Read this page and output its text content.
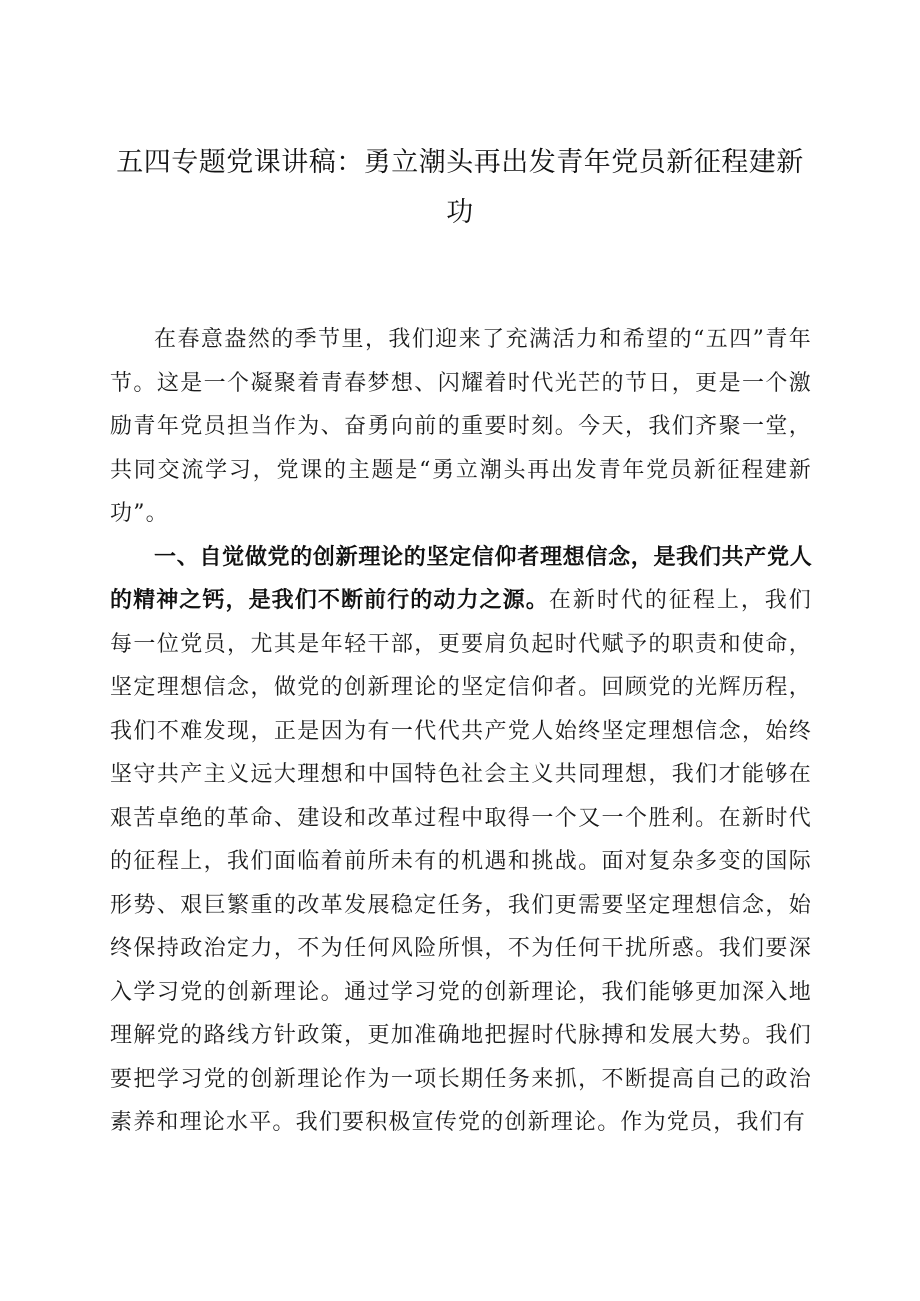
五四专题党课讲稿：勇立潮头再出发青年党员新征程建新功

在春意盎然的季节里，我们迎来了充满活力和希望的“五四”青年节。这是一个凝聚着青春梦想、闪耀着时代光芒的节日，更是一个激励青年党员担当作为、奋勇向前的重要时刻。今天，我们齐聚一堂，共同交流学习，党课的主题是“勇立潮头再出发青年党员新征程建新功”。

一、自觉做党的创新理论的坚定信仰者理想信念，是我们共产党人的精神之钙，是我们不断前行的动力之源。在新时代的征程上，我们每一位党员，尤其是年轻干部，更要肩负起时代赋予的职责和使命，坚定理想信念，做党的创新理论的坚定信仰者。回顾党的光辉历程，我们不难发现，正是因为有一代代共产党人始终坚定理想信念，始终坚守共产主义远大理想和中国特色社会主义共同理想，我们才能够在艰苦卓绝的革命、建设和改革过程中取得一个又一个胜利。在新时代的征程上，我们面临着前所未有的机遇和挑战。面对复杂多变的国际形势、艰巨繁重的改革发展稳定任务，我们更需要坚定理想信念，始终保持政治定力，不为任何风险所惧，不为任何干扰所惑。我们要深入学习党的创新理论。通过学习党的创新理论，我们能够更加深入地理解党的路线方针政策，更加准确地把握时代脉搏和发展大势。我们要把学习党的创新理论作为一项长期任务来抓，不断提高自己的政治素养和理论水平。我们要积极宣传党的创新理论。作为党员，我们有
